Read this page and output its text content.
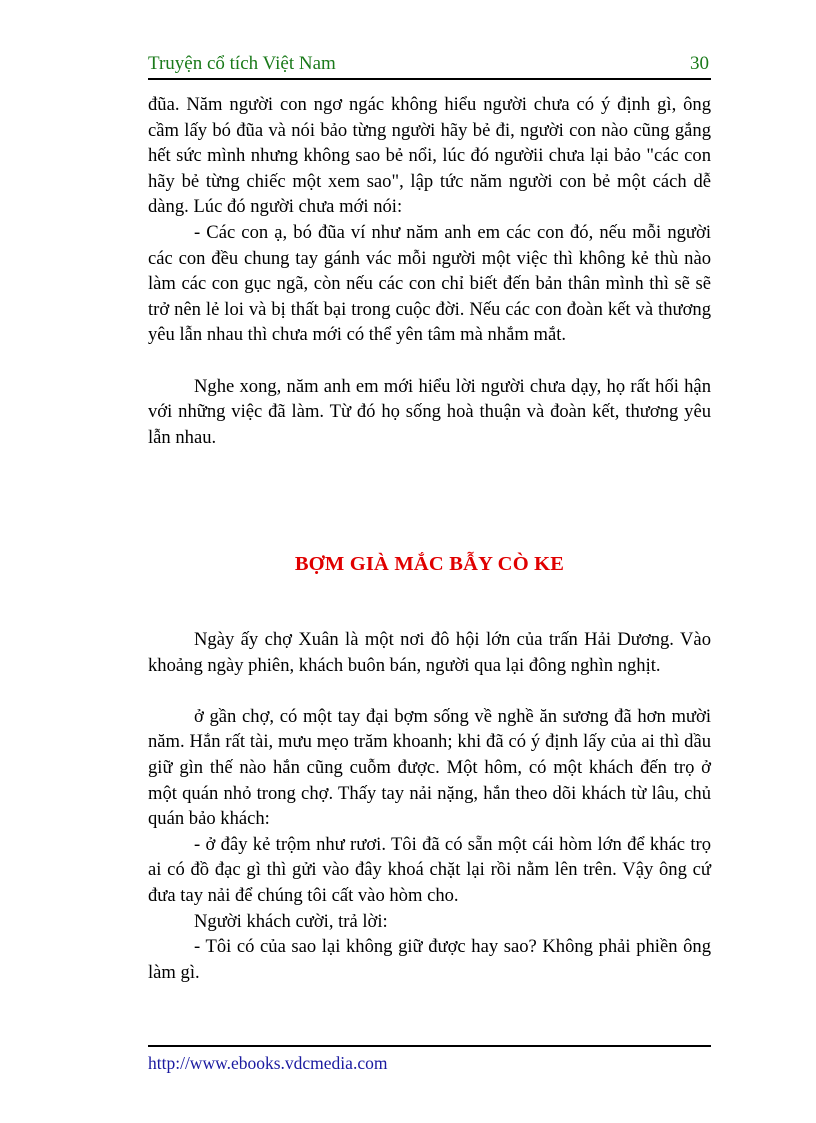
Truyện cổ tích Việt Nam	30

đũa. Năm người con ngơ ngác không hiểu người chưa có ý định gì, ông cầm lấy bó đũa và nói bảo từng người hãy bẻ đi, người con nào cũng gắng hết sức mình nhưng không sao bẻ nổi, lúc đó ngườii chưa lại bảo "các con hãy bẻ từng chiếc một xem sao", lập tức năm người con bẻ một cách dễ dàng. Lúc đó người chưa mới nói:

- Các con ạ, bó đũa ví như năm anh em các con đó, nếu mỗi người các con đều chung tay gánh vác mỗi người một việc thì không kẻ thù nào làm các con gục ngã, còn nếu các con chỉ biết đến bản thân mình thì sẽ sẽ trở nên lẻ loi và bị thất bại trong cuộc đời. Nếu các con đoàn kết và thương yêu lẫn nhau thì chưa mới có thể yên tâm mà nhắm mắt.

Nghe xong, năm anh em mới hiểu lời người chưa dạy, họ rất hối hận với những việc đã làm. Từ đó họ sống hoà thuận và đoàn kết, thương yêu lẫn nhau.

BỢM GIÀ MẮC BẪY CÒ KE

Ngày ấy chợ Xuân là một nơi đô hội lớn của trấn Hải Dương. Vào khoảng ngày phiên, khách buôn bán, người qua lại đông nghìn nghịt.

ở gần chợ, có một tay đại bợm sống về nghề ăn sương đã hơn mười năm. Hắn rất tài, mưu mẹo trăm khoanh; khi đã có ý định lấy của ai thì dầu giữ gìn thế nào hắn cũng cuỗm được. Một hôm, có một khách đến trọ ở một quán nhỏ trong chợ. Thấy tay nải nặng, hắn theo dõi khách từ lâu, chủ quán bảo khách:

- ở đây kẻ trộm như rươi. Tôi đã có sẵn một cái hòm lớn để khác trọ ai có đồ đạc gì thì gửi vào đây khoá chặt lại rồi nằm lên trên. Vậy ông cứ đưa tay nải để chúng tôi cất vào hòm cho.

Người khách cười, trả lời:

- Tôi có của sao lại không giữ được hay sao? Không phải phiền ông làm gì.

http://www.ebooks.vdcmedia.com
